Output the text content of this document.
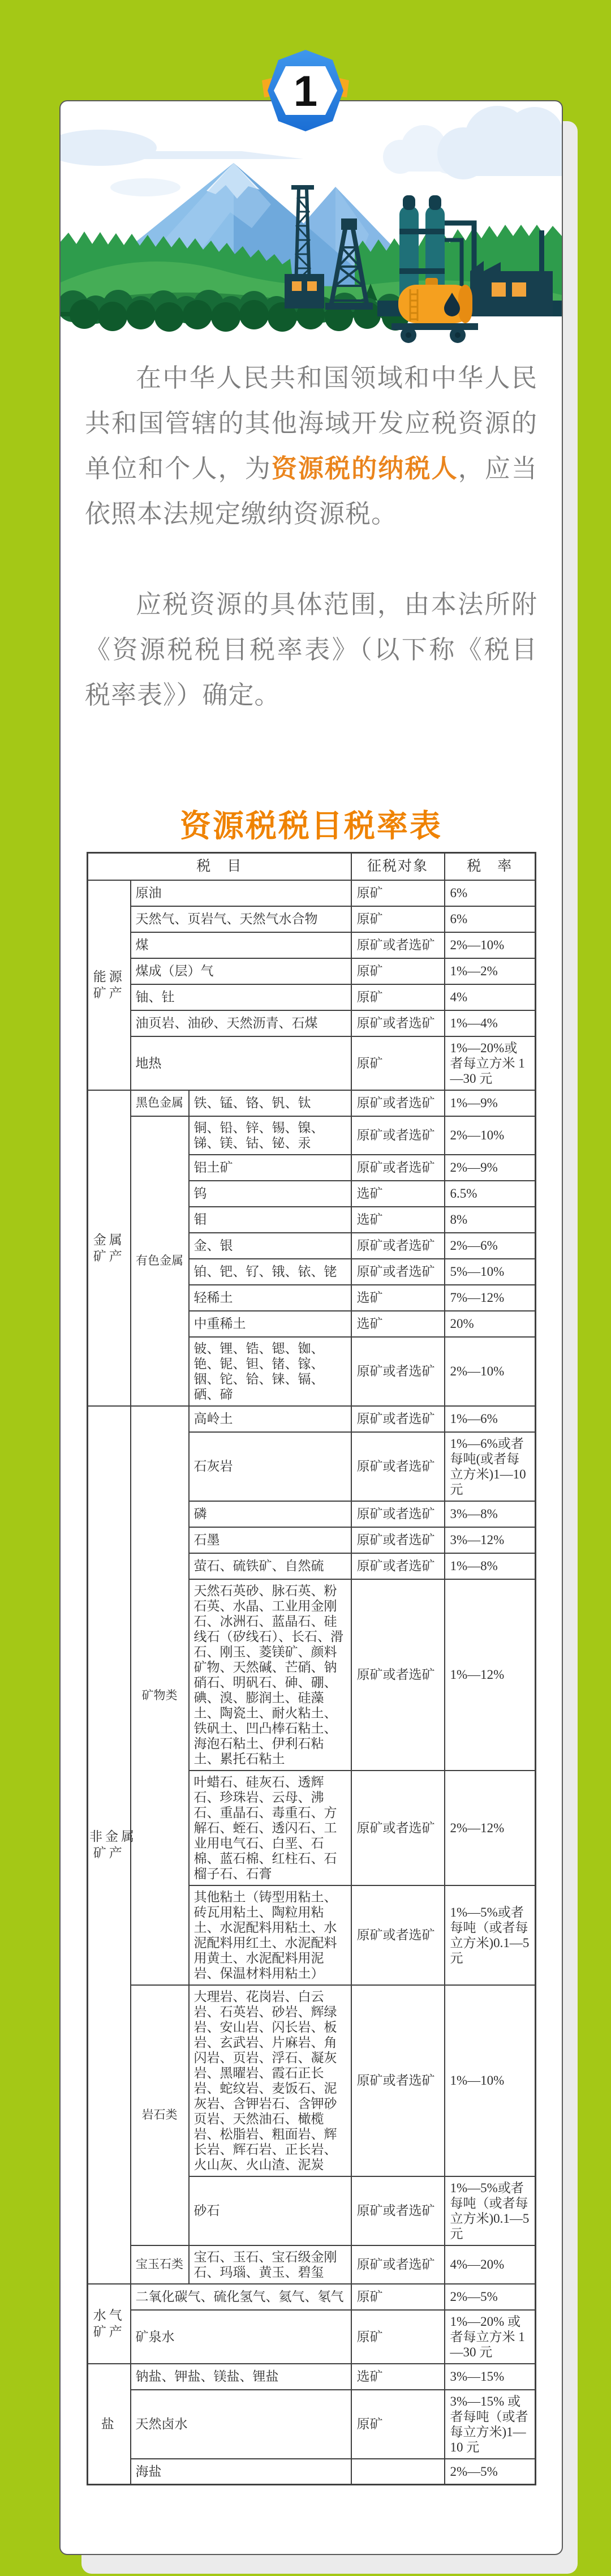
在中华人民共和国领域和中华人民共和国管辖的其他海域开发应税资源的单位和个人，为资源税的纳税人，应当依照本法规定缴纳资源税。

应税资源的具体范围，由本法所附《资源税税目税率表》（以下称《税目税率表》）确定。

资源税税目税率表
税　目			征税对象	税　率

能源
矿产	原油		原矿	6%
	天然气、页岩气、天然气水合物		原矿	6%
	煤		原矿或者选矿	2%—10%
	煤成（层）气		原矿	1%—2%
	铀、钍		原矿	4%
	油页岩、油砂、天然沥青、石煤		原矿或者选矿	1%—4%
	地热		原矿	1%—20%或者每立方米 1—30 元

金属
矿产	黑色金属	铁、锰、铬、钒、钛	原矿或者选矿	1%—9%
	有色金属	铜、铅、锌、锡、镍、锑、镁、钴、铋、汞	原矿或者选矿	2%—10%
		铝土矿	原矿或者选矿	2%—9%
		钨	选矿	6.5%
		钼	选矿	8%
		金、银	原矿或者选矿	2%—6%
		铂、钯、钌、锇、铱、铑	原矿或者选矿	5%—10%
		轻稀土	选矿	7%—12%
		中重稀土	选矿	20%
		铍、锂、锆、锶、铷、铯、铌、钽、锗、镓、铟、铊、铪、铼、镉、硒、碲	原矿或者选矿	2%—10%

非金属
矿产	矿物类	高岭土	原矿或者选矿	1%—6%
		石灰岩	原矿或者选矿	1%—6%或者每吨(或者每立方米)1—10 元
		磷	原矿或者选矿	3%—8%
		石墨	原矿或者选矿	3%—12%
		萤石、硫铁矿、自然硫	原矿或者选矿	1%—8%
		天然石英砂、脉石英、粉石英、水晶、工业用金刚石、冰洲石、蓝晶石、硅线石（矽线石）、长石、滑石、刚玉、菱镁矿、颜料矿物、天然碱、芒硝、钠硝石、明矾石、砷、硼、碘、溴、膨润土、硅藻土、陶瓷土、耐火粘土、铁矾土、凹凸棒石粘土、海泡石粘土、伊利石粘土、累托石粘土	原矿或者选矿	1%—12%
		叶蜡石、硅灰石、透辉石、珍珠岩、云母、沸石、重晶石、毒重石、方解石、蛭石、透闪石、工业用电气石、白垩、石棉、蓝石棉、红柱石、石榴子石、石膏	原矿或者选矿	2%—12%
		其他粘土（铸型用粘土、砖瓦用粘土、陶粒用粘土、水泥配料用粘土、水泥配料用红土、水泥配料用黄土、水泥配料用泥岩、保温材料用粘土）	原矿或者选矿	1%—5%或者每吨（或者每立方米)0.1—5 元
	岩石类	大理岩、花岗岩、白云岩、石英岩、砂岩、辉绿岩、安山岩、闪长岩、板岩、玄武岩、片麻岩、角闪岩、页岩、浮石、凝灰岩、黑曜岩、霞石正长岩、蛇纹岩、麦饭石、泥灰岩、含钾岩石、含钾砂页岩、天然油石、橄榄岩、松脂岩、粗面岩、辉长岩、辉石岩、正长岩、火山灰、火山渣、泥炭	原矿或者选矿	1%—10%
		砂石	原矿或者选矿	1%—5%或者每吨（或者每立方米)0.1—5 元
	宝玉石类	宝石、玉石、宝石级金刚石、玛瑙、黄玉、碧玺	原矿或者选矿	4%—20%

水气
矿产	二氧化碳气、硫化氢气、氦气、氡气		原矿	2%—5%
	矿泉水		原矿	1%—20% 或者每立方米 1—30 元

盐	钠盐、钾盐、镁盐、锂盐		选矿	3%—15%
	天然卤水		原矿	3%—15% 或者每吨（或者每立方米)1—10 元
	海盐			2%—5%
1
